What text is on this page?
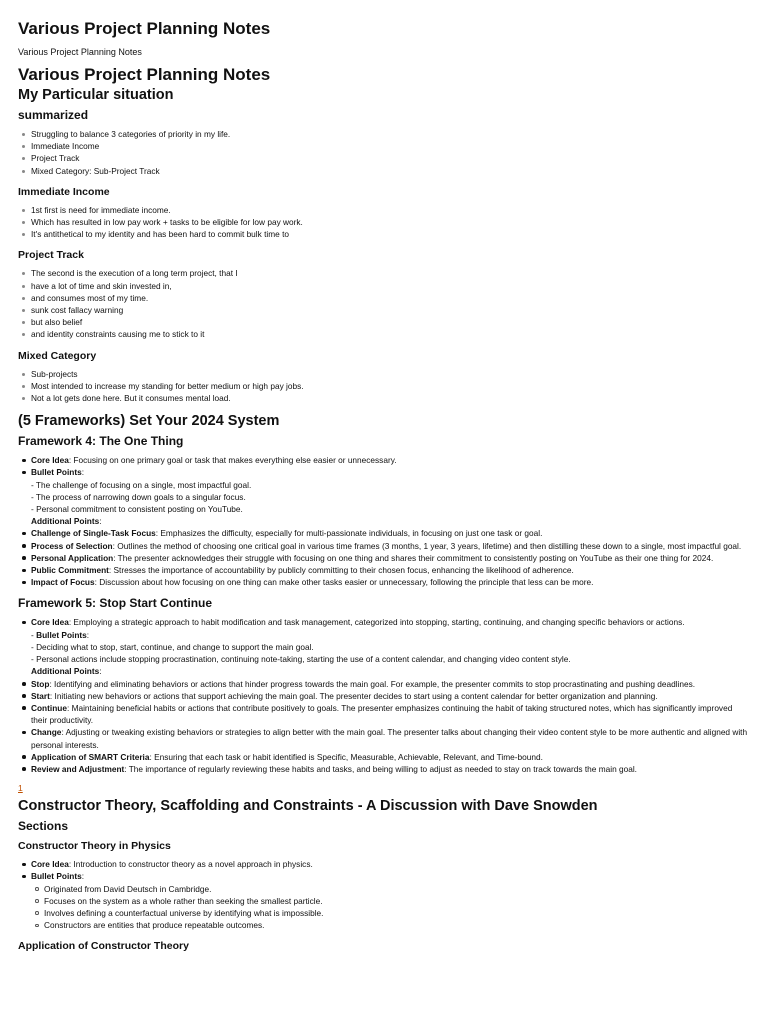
Various Project Planning Notes
Various Project Planning Notes
Various Project Planning Notes
My Particular situation
summarized
Struggling to balance 3 categories of priority in my life.
Immediate Income
Project Track
Mixed Category: Sub-Project Track
Immediate Income
1st first is need for immediate income.
Which has resulted in low pay work + tasks to be eligible for low pay work.
It's antithetical to my identity and has been hard to commit bulk time to
Project Track
The second is the execution of a long term project, that I
have a lot of time and skin invested in,
and consumes most of my time.
sunk cost fallacy warning
but also belief
and identity constraints causing me to stick to it
Mixed Category
Sub-projects
Most intended to increase my standing for better medium or high pay jobs.
Not a lot gets done here. But it consumes mental load.
(5 Frameworks) Set Your 2024 System
Framework 4: The One Thing
Core Idea: Focusing on one primary goal or task that makes everything else easier or unnecessary.
Bullet Points:
- The challenge of focusing on a single, most impactful goal.
- The process of narrowing down goals to a singular focus.
- Personal commitment to consistent posting on YouTube.
Additional Points:
Challenge of Single-Task Focus: Emphasizes the difficulty, especially for multi-passionate individuals, in focusing on just one task or goal.
Process of Selection: Outlines the method of choosing one critical goal in various time frames (3 months, 1 year, 3 years, lifetime) and then distilling these down to a single, most impactful goal.
Personal Application: The presenter acknowledges their struggle with focusing on one thing and shares their commitment to consistently posting on YouTube as their one thing for 2024.
Public Commitment: Stresses the importance of accountability by publicly committing to their chosen focus, enhancing the likelihood of adherence.
Impact of Focus: Discussion about how focusing on one thing can make other tasks easier or unnecessary, following the principle that less can be more.
Framework 5: Stop Start Continue
Core Idea: Employing a strategic approach to habit modification and task management, categorized into stopping, starting, continuing, and changing specific behaviors or actions.
- Bullet Points:
- Deciding what to stop, start, continue, and change to support the main goal.
- Personal actions include stopping procrastination, continuing note-taking, starting the use of a content calendar, and changing video content style.
Additional Points:
Stop: Identifying and eliminating behaviors or actions that hinder progress towards the main goal. For example, the presenter commits to stop procrastinating and pushing deadlines.
Start: Initiating new behaviors or actions that support achieving the main goal. The presenter decides to start using a content calendar for better organization and planning.
Continue: Maintaining beneficial habits or actions that contribute positively to goals. The presenter emphasizes continuing the habit of taking structured notes, which has significantly improved their productivity.
Change: Adjusting or tweaking existing behaviors or strategies to align better with the main goal. The presenter talks about changing their video content style to be more authentic and aligned with personal interests.
Application of SMART Criteria: Ensuring that each task or habit identified is Specific, Measurable, Achievable, Relevant, and Time-bound.
Review and Adjustment: The importance of regularly reviewing these habits and tasks, and being willing to adjust as needed to stay on track towards the main goal.
1
Constructor Theory, Scaffolding and Constraints - A Discussion with Dave Snowden
Sections
Constructor Theory in Physics
Core Idea: Introduction to constructor theory as a novel approach in physics.
Bullet Points:
Originated from David Deutsch in Cambridge.
Focuses on the system as a whole rather than seeking the smallest particle.
Involves defining a counterfactual universe by identifying what is impossible.
Constructors are entities that produce repeatable outcomes.
Application of Constructor Theory
